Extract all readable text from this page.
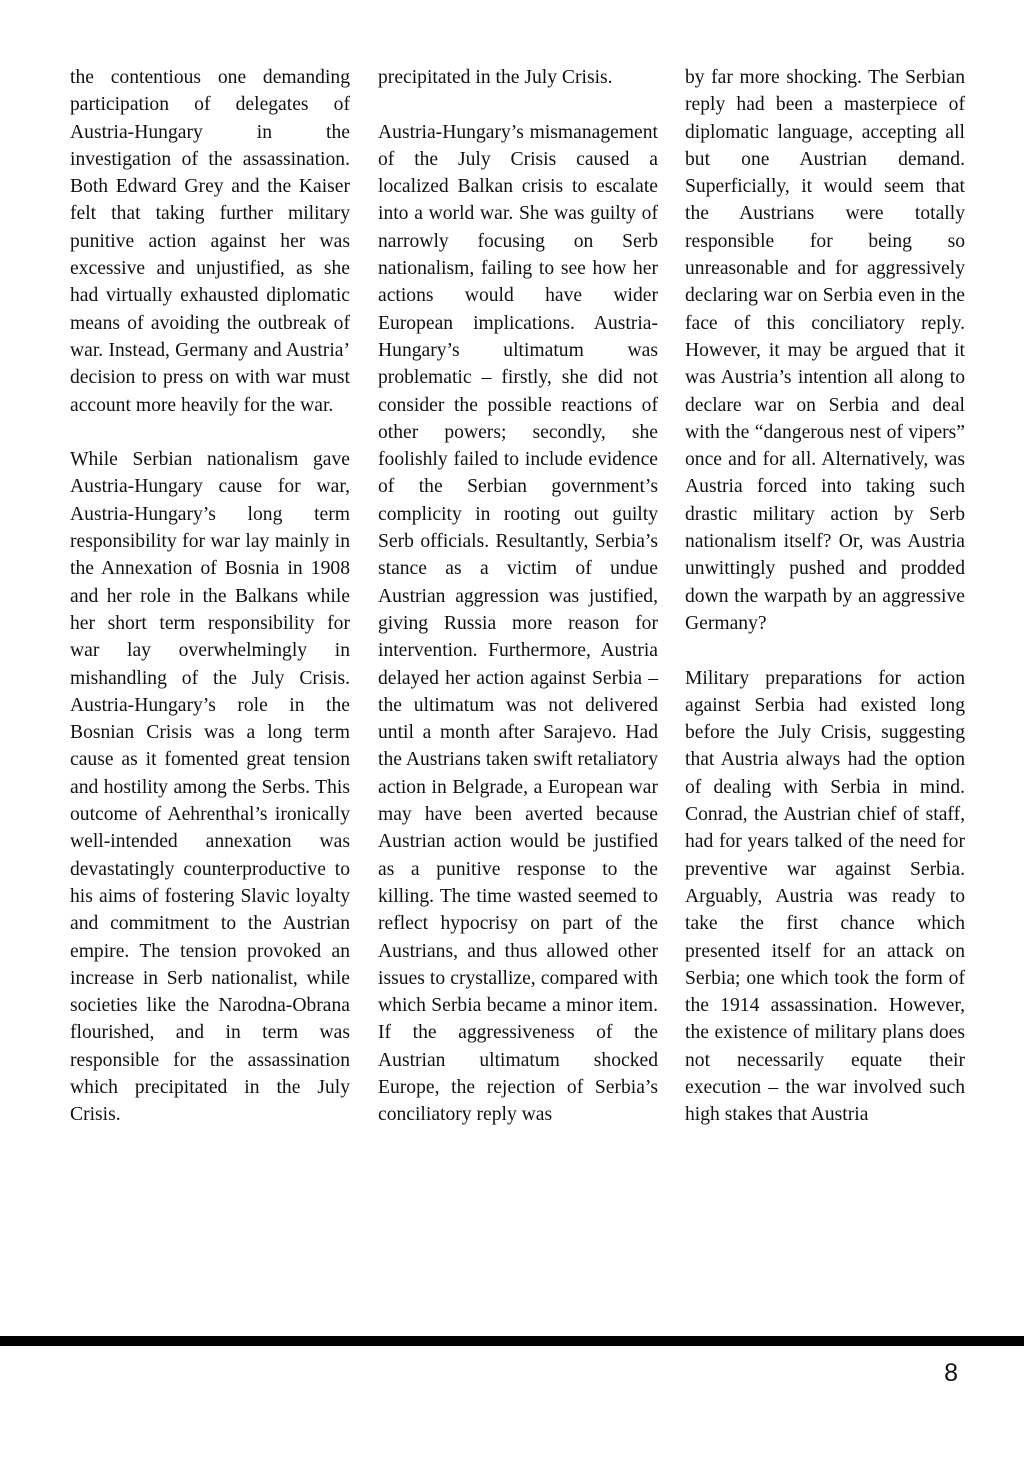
the contentious one demanding participation of delegates of Austria-Hungary in the investigation of the assassination. Both Edward Grey and the Kaiser felt that taking further military punitive action against her was excessive and unjustified, as she had virtually exhausted diplomatic means of avoiding the outbreak of war. Instead, Germany and Austria’ decision to press on with war must account more heavily for the war.

While Serbian nationalism gave Austria-Hungary cause for war, Austria-Hungary’s long term responsibility for war lay mainly in the Annexation of Bosnia in 1908 and her role in the Balkans while her short term responsibility for war lay overwhelmingly in mishandling of the July Crisis. Austria-Hungary’s role in the Bosnian Crisis was a long term cause as it fomented great tension and hostility among the Serbs. This outcome of Aehrenthal’s ironically well-intended annexation was devastatingly counterproductive to his aims of fostering Slavic loyalty and commitment to the Austrian empire. The tension provoked an increase in Serb nationalist, while societies like the Narodna-Obrana flourished, and in term was responsible for the assassination which precipitated in the July Crisis.

precipitated in the July Crisis.

Austria-Hungary’s mismanagement of the July Crisis caused a localized Balkan crisis to escalate into a world war. She was guilty of narrowly focusing on Serb nationalism, failing to see how her actions would have wider European implications. Austria-Hungary’s ultimatum was problematic – firstly, she did not consider the possible reactions of other powers; secondly, she foolishly failed to include evidence of the Serbian government’s complicity in rooting out guilty Serb officials. Resultantly, Serbia’s stance as a victim of undue Austrian aggression was justified, giving Russia more reason for intervention. Furthermore, Austria delayed her action against Serbia – the ultimatum was not delivered until a month after Sarajevo. Had the Austrians taken swift retaliatory action in Belgrade, a European war may have been averted because Austrian action would be justified as a punitive response to the killing. The time wasted seemed to reflect hypocrisy on part of the Austrians, and thus allowed other issues to crystallize, compared with which Serbia became a minor item. If the aggressiveness of the Austrian ultimatum shocked Europe, the rejection of Serbia’s conciliatory reply was

by far more shocking. The Serbian reply had been a masterpiece of diplomatic language, accepting all but one Austrian demand. Superficially, it would seem that the Austrians were totally responsible for being so unreasonable and for aggressively declaring war on Serbia even in the face of this conciliatory reply. However, it may be argued that it was Austria’s intention all along to declare war on Serbia and deal with the “dangerous nest of vipers” once and for all. Alternatively, was Austria forced into taking such drastic military action by Serb nationalism itself? Or, was Austria unwittingly pushed and prodded down the warpath by an aggressive Germany?

Military preparations for action against Serbia had existed long before the July Crisis, suggesting that Austria always had the option of dealing with Serbia in mind. Conrad, the Austrian chief of staff, had for years talked of the need for preventive war against Serbia. Arguably, Austria was ready to take the first chance which presented itself for an attack on Serbia; one which took the form of the 1914 assassination. However, the existence of military plans does not necessarily equate their execution – the war involved such high stakes that Austria

8
